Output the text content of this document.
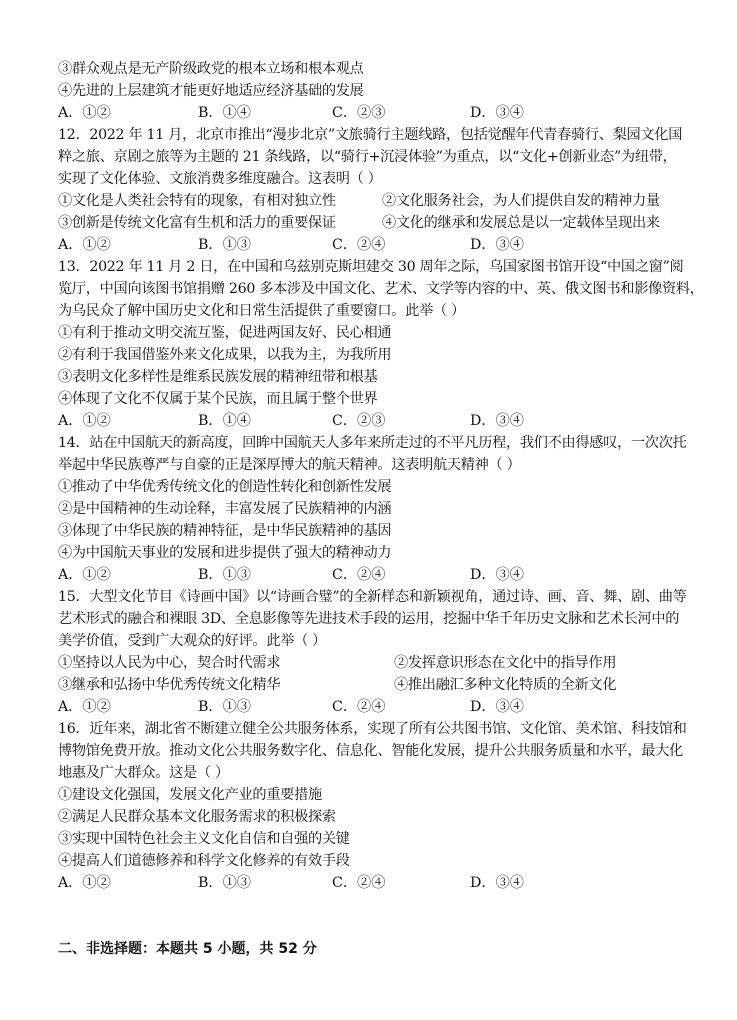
③群众观点是无产阶级政党的根本立场和根本观点
④先进的上层建筑才能更好地适应经济基础的发展
A．①②	B．①④	C．②③	D．③④
12．2022 年 11 月，北京市推出“漫步北京”文旅骑行主题线路，包括觉醒年代青春骑行、梨园文化国
粹之旅、京剧之旅等为主题的 21 条线路，以“骑行+沉浸体验”为重点，以“文化+创新业态”为纽带，
实现了文化体验、文旅消费多维度融合。这表明（ ）
①文化是人类社会特有的现象，有相对独立性	②文化服务社会，为人们提供自发的精神力量
③创新是传统文化富有生机和活力的重要保证	④文化的继承和发展总是以一定载体呈现出来
A．①②	B．①③	C．②④	D．③④
13．2022 年 11 月 2 日，在中国和乌兹别克斯坦建交 30 周年之际，乌国家图书馆开设“中国之窗”阅
览厅，中国向该图书馆捐赠 260 多本涉及中国文化、艺术、文学等内容的中、英、俄文图书和影像资料，
为乌民众了解中国历史文化和日常生活提供了重要窗口。此举（ ）
①有利于推动文明交流互鉴，促进两国友好、民心相通
②有利于我国借鉴外来文化成果，以我为主，为我所用
③表明文化多样性是维系民族发展的精神纽带和根基
④体现了文化不仅属于某个民族，而且属于整个世界
A．①②	B．①④	C．②③	D．③④
14．站在中国航天的新高度，回眸中国航天人多年来所走过的不平凡历程，我们不由得感叹，一次次托
举起中华民族尊严与自豪的正是深厚博大的航天精神。这表明航天精神（ ）
①推动了中华优秀传统文化的创造性转化和创新性发展
②是中国精神的生动诠释，丰富发展了民族精神的内涵
③体现了中华民族的精神特征，是中华民族精神的基因
④为中国航天事业的发展和进步提供了强大的精神动力
A．①②	B．①③	C．②④	D．③④
15．大型文化节目《诗画中国》以“诗画合璧”的全新样态和新颖视角，通过诗、画、音、舞、剧、曲等
艺术形式的融合和裸眼 3D、全息影像等先进技术手段的运用，挖掘中华千年历史文脉和艺术长河中的
美学价值，受到广大观众的好评。此举（ ）
①坚持以人民为中心，契合时代需求	②发挥意识形态在文化中的指导作用
③继承和弘扬中华优秀传统文化精华	④推出融汇多种文化特质的全新文化
A．①②	B．①③	C．②④	D．③④
16．近年来，湖北省不断建立健全公共服务体系，实现了所有公共图书馆、文化馆、美术馆、科技馆和
博物馆免费开放。推动文化公共服务数字化、信息化、智能化发展，提升公共服务质量和水平，最大化
地惠及广大群众。这是（ ）
①建设文化强国，发展文化产业的重要措施
②满足人民群众基本文化服务需求的积极探索
③实现中国特色社会主义文化自信和自强的关键
④提高人们道德修养和科学文化修养的有效手段
A．①②	B．①③	C．②④	D．③④
二、非选择题：本题共 5 小题，共 52 分
